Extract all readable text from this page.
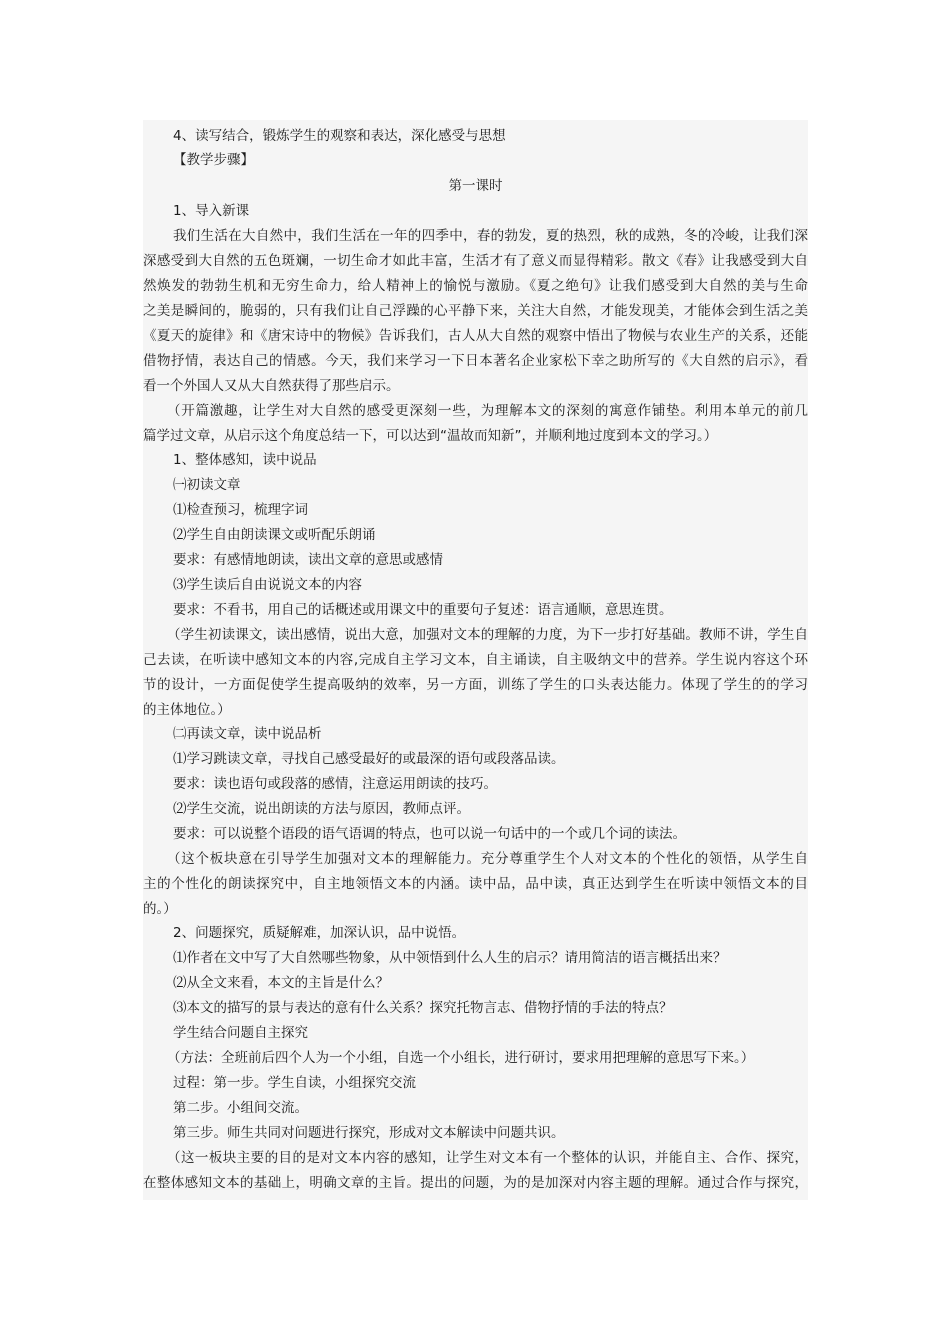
4、读写结合，锻炼学生的观察和表达，深化感受与思想
【教学步骤】
第一课时
1、导入新课
我们生活在大自然中，我们生活在一年的四季中，春的勃发，夏的热烈，秋的成熟，冬的冷峻，让我们深
深感受到大自然的五色斑斓，一切生命才如此丰富，生活才有了意义而显得精彩。散文《春》让我感受到大自
然焕发的勃勃生机和无穷生命力，给人精神上的愉悦与激励。《夏之绝句》让我们感受到大自然的美与生命
之美是瞬间的，脆弱的，只有我们让自己浮躁的心平静下来，关注大自然，才能发现美，才能体会到生活之美
《夏天的旋律》和《唐宋诗中的物候》告诉我们，古人从大自然的观察中悟出了物候与农业生产的关系，还能
借物抒情，表达自己的情感。今天，我们来学习一下日本著名企业家松下幸之助所写的《大自然的启示》，看
看一个外国人又从大自然获得了那些启示。
（开篇激趣，让学生对大自然的感受更深刻一些，为理解本文的深刻的寓意作铺垫。利用本单元的前几
篇学过文章，从启示这个角度总结一下，可以达到“温故而知新”，并顺利地过度到本文的学习。）
1、整体感知，读中说品
㈠初读文章
⑴检查预习，梳理字词
⑵学生自由朗读课文或听配乐朗诵
要求：有感情地朗读，读出文章的意思或感情
⑶学生读后自由说说文本的内容
要求：不看书，用自己的话概述或用课文中的重要句子复述：语言通顺，意思连贯。
（学生初读课文，读出感情，说出大意，加强对文本的理解的力度，为下一步打好基础。教师不讲，学生自
己去读，在听读中感知文本的内容,完成自主学习文本，自主诵读，自主吸纳文中的营养。学生说内容这个环
节的设计，一方面促使学生提高吸纳的效率，另一方面，训练了学生的口头表达能力。体现了学生的的学习
的主体地位。）
㈡再读文章，读中说品析
⑴学习跳读文章，寻找自己感受最好的或最深的语句或段落品读。
要求：读也语句或段落的感情，注意运用朗读的技巧。
⑵学生交流，说出朗读的方法与原因，教师点评。
要求：可以说整个语段的语气语调的特点，也可以说一句话中的一个或几个词的读法。
（这个板块意在引导学生加强对文本的理解能力。充分尊重学生个人对文本的个性化的领悟，从学生自
主的个性化的朗读探究中，自主地领悟文本的内涵。读中品，品中读，真正达到学生在听读中领悟文本的目
的。）
2、问题探究，质疑解难，加深认识，品中说悟。
⑴作者在文中写了大自然哪些物象，从中领悟到什么人生的启示？请用简洁的语言概括出来？
⑵从全文来看，本文的主旨是什么？
⑶本文的描写的景与表达的意有什么关系？探究托物言志、借物抒情的手法的特点？
学生结合问题自主探究
（方法：全班前后四个人为一个小组，自选一个小组长，进行研讨，要求用把理解的意思写下来。）
过程：第一步。学生自读，小组探究交流
第二步。小组间交流。
第三步。师生共同对问题进行探究，形成对文本解读中问题共识。
（这一板块主要的目的是对文本内容的感知，让学生对文本有一个整体的认识，并能自主、合作、探究，
在整体感知文本的基础上，明确文章的主旨。提出的问题，为的是加深对内容主题的理解。通过合作与探究，
